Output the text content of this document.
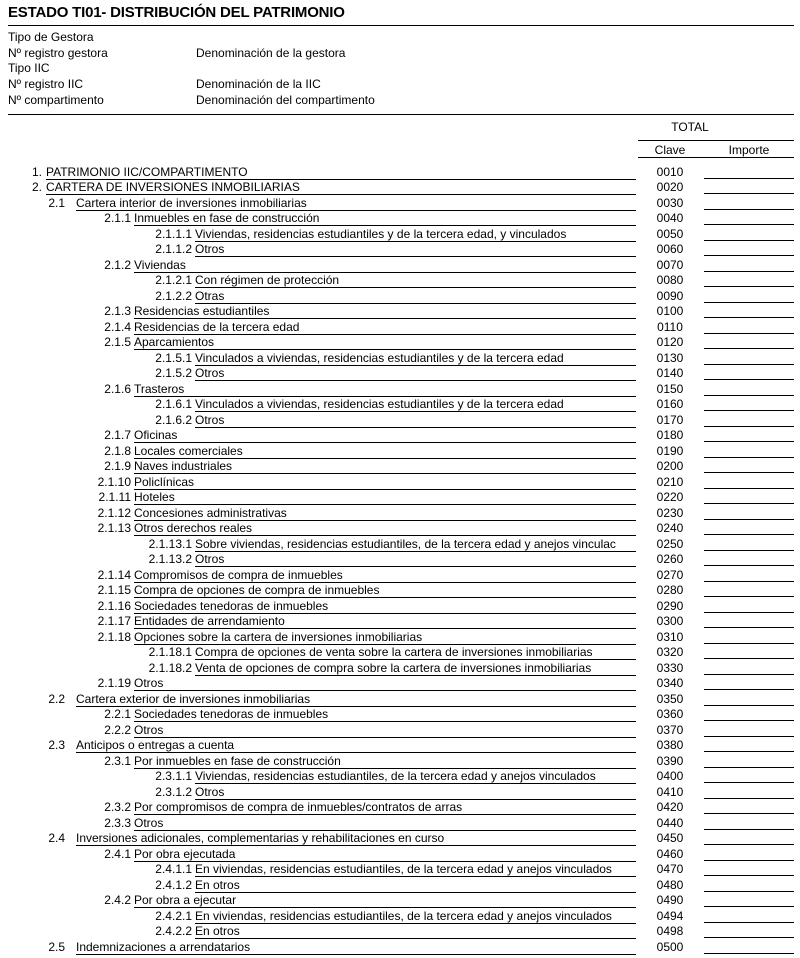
ESTADO TI01- DISTRIBUCIÓN DEL PATRIMONIO
Tipo de Gestora
Nº registro gestora	Denominación de la gestora
Tipo IIC
Nº registro IIC	Denominación de la IIC
Nº compartimento	Denominación del compartimento
TOTAL
Clave	Importe
1. PATRIMONIO IIC/COMPARTIMENTO	0010
2. CARTERA DE INVERSIONES INMOBILIARIAS	0020
2.1 Cartera interior de inversiones inmobiliarias	0030
2.1.1 Inmuebles en fase de construcción	0040
2.1.1.1 Viviendas, residencias estudiantiles y de la tercera edad, y vinculados	0050
2.1.1.2 Otros	0060
2.1.2 Viviendas	0070
2.1.2.1 Con régimen de protección	0080
2.1.2.2 Otras	0090
2.1.3 Residencias estudiantiles	0100
2.1.4 Residencias de la tercera edad	0110
2.1.5 Aparcamientos	0120
2.1.5.1 Vinculados a viviendas, residencias estudiantiles y de la tercera edad	0130
2.1.5.2 Otros	0140
2.1.6 Trasteros	0150
2.1.6.1 Vinculados a viviendas, residencias estudiantiles y de la tercera edad	0160
2.1.6.2 Otros	0170
2.1.7 Oficinas	0180
2.1.8 Locales comerciales	0190
2.1.9 Naves industriales	0200
2.1.10 Policlínicas	0210
2.1.11 Hoteles	0220
2.1.12 Concesiones administrativas	0230
2.1.13 Otros derechos reales	0240
2.1.13.1 Sobre viviendas, residencias estudiantiles, de la tercera edad y anejos vinculac	0250
2.1.13.2 Otros	0260
2.1.14 Compromisos de compra de inmuebles	0270
2.1.15 Compra de opciones de compra de inmuebles	0280
2.1.16 Sociedades tenedoras de inmuebles	0290
2.1.17 Entidades de arrendamiento	0300
2.1.18 Opciones sobre la cartera de inversiones inmobiliarias	0310
2.1.18.1 Compra de opciones de venta sobre la cartera de inversiones inmobiliarias	0320
2.1.18.2 Venta de opciones de compra sobre la cartera de inversiones inmobiliarias	0330
2.1.19 Otros	0340
2.2 Cartera exterior de inversiones inmobiliarias	0350
2.2.1 Sociedades tenedoras de inmuebles	0360
2.2.2 Otros	0370
2.3 Anticipos o entregas a cuenta	0380
2.3.1 Por inmuebles en fase de construcción	0390
2.3.1.1 Viviendas, residencias estudiantiles, de la tercera edad y anejos vinculados	0400
2.3.1.2 Otros	0410
2.3.2 Por compromisos de compra de inmuebles/contratos de arras	0420
2.3.3 Otros	0440
2.4 Inversiones adicionales, complementarias y rehabilitaciones en curso	0450
2.4.1 Por obra ejecutada	0460
2.4.1.1 En viviendas, residencias estudiantiles, de la tercera edad y anejos vinculados	0470
2.4.1.2 En otros	0480
2.4.2 Por obra a ejecutar	0490
2.4.2.1 En viviendas, residencias estudiantiles, de la tercera edad y anejos vinculados	0494
2.4.2.2 En otros	0498
2.5 Indemnizaciones a arrendatarios	0500
